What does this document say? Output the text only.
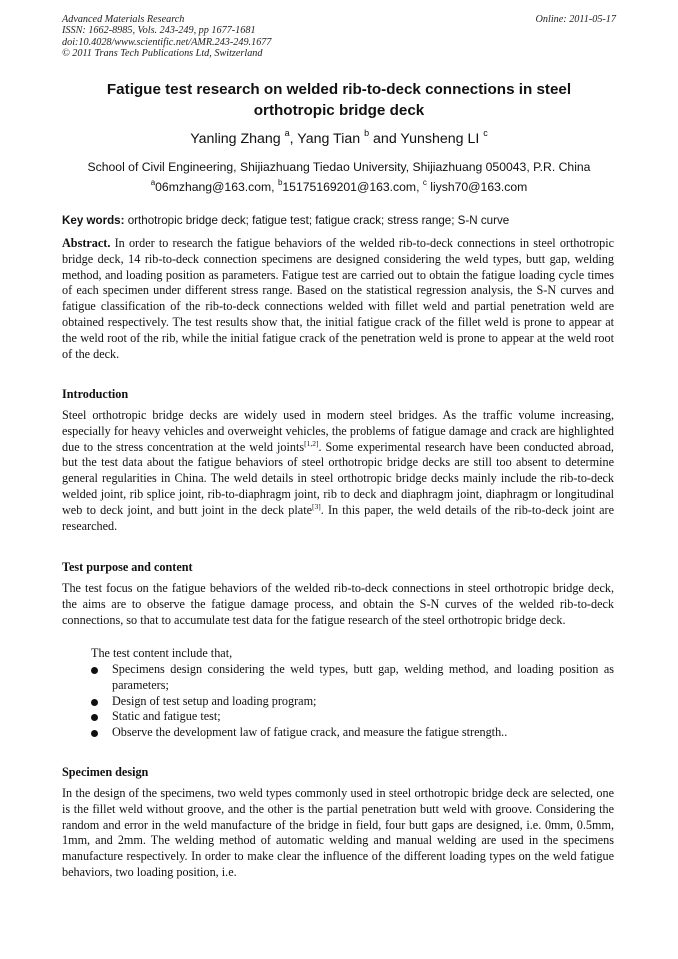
Advanced Materials Research
ISSN: 1662-8985, Vols. 243-249, pp 1677-1681
doi:10.4028/www.scientific.net/AMR.243-249.1677
© 2011 Trans Tech Publications Ltd, Switzerland
Online: 2011-05-17
Fatigue test research on welded rib-to-deck connections in steel
orthotropic bridge deck
Yanling Zhang $^a$, Yang Tian $^b$ and Yunsheng LI $^c$
School of Civil Engineering, Shijiazhuang Tiedao University, Shijiazhuang 050043, P.R. China
$^a$06mzhang@163.com, $^b$15175169201@163.com, $^c$ liysh70@163.com
Key words: orthotropic bridge deck; fatigue test; fatigue crack; stress range; S-N curve
Abstract. In order to research the fatigue behaviors of the welded rib-to-deck connections in steel orthotropic bridge deck, 14 rib-to-deck connection specimens are designed considering the weld types, butt gap, welding method, and loading position as parameters. Fatigue test are carried out to obtain the fatigue loading cycle times of each specimen under different stress range. Based on the statistical regression analysis, the S-N curves and fatigue classification of the rib-to-deck connections welded with fillet weld and partial penetration weld are obtained respectively. The test results show that, the initial fatigue crack of the fillet weld is prone to appear at the weld root of the rib, while the initial fatigue crack of the penetration weld is prone to appear at the weld root of the deck.
Introduction
Steel orthotropic bridge decks are widely used in modern steel bridges. As the traffic volume increasing, especially for heavy vehicles and overweight vehicles, the problems of fatigue damage and crack are highlighted due to the stress concentration at the weld joints[1,2]. Some experimental research have been conducted abroad, but the test data about the fatigue behaviors of steel orthotropic bridge decks are still too absent to determine general regularities in China. The weld details in steel orthotropic bridge decks mainly include the rib-to-deck welded joint, rib splice joint, rib-to-diaphragm joint, rib to deck and diaphragm joint, diaphragm or longitudinal web to deck joint, and butt joint in the deck plate[3]. In this paper, the weld details of the rib-to-deck joint are researched.
Test purpose and content
The test focus on the fatigue behaviors of the welded rib-to-deck connections in steel orthotropic bridge deck, the aims are to observe the fatigue damage process, and obtain the S-N curves of the welded rib-to-deck connections, so that to accumulate test data for the fatigue research of the steel orthotropic bridge deck.
The test content include that,
Specimens design considering the weld types, butt gap, welding method, and loading position as parameters;
Design of test setup and loading program;
Static and fatigue test;
Observe the development law of fatigue crack, and measure the fatigue strength..
Specimen design
In the design of the specimens, two weld types commonly used in steel orthotropic bridge deck are selected, one is the fillet weld without groove, and the other is the partial penetration butt weld with groove. Considering the random and error in the weld manufacture of the bridge in field, four butt gaps are designed, i.e. 0mm, 0.5mm, 1mm, and 2mm. The welding method of automatic welding and manual welding are used in the specimens manufacture respectively. In order to make clear the influence of the different loading types on the weld fatigue behaviors, two loading position, i.e.
